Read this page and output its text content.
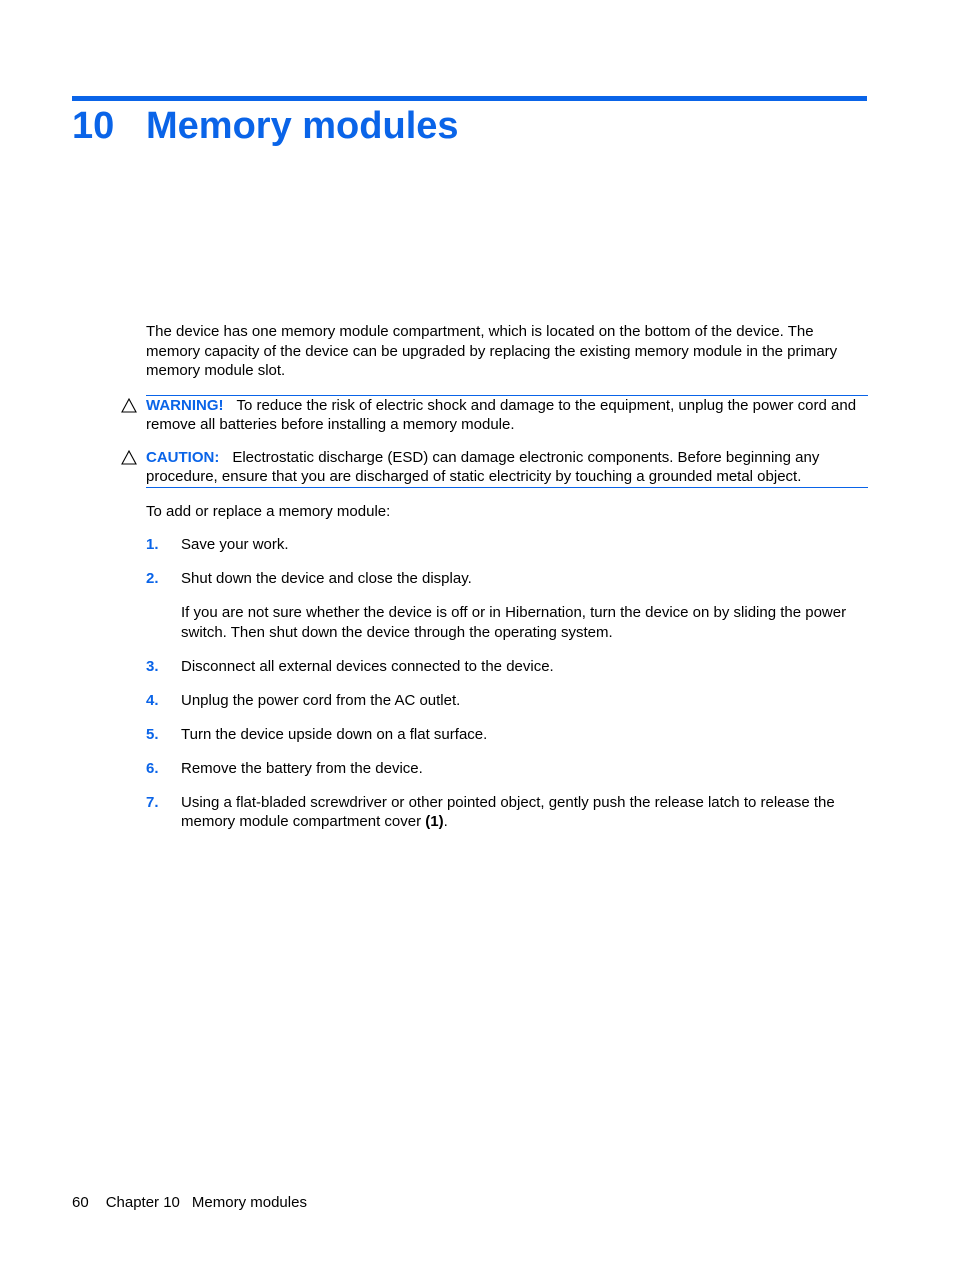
10 Memory modules

The device has one memory module compartment, which is located on the bottom of the device. The memory capacity of the device can be upgraded by replacing the existing memory module in the primary memory module slot.

WARNING! To reduce the risk of electric shock and damage to the equipment, unplug the power cord and remove all batteries before installing a memory module.
CAUTION: Electrostatic discharge (ESD) can damage electronic components. Before beginning any procedure, ensure that you are discharged of static electricity by touching a grounded metal object.

To add or replace a memory module:

1. Save your work.
2. Shut down the device and close the display.

If you are not sure whether the device is off or in Hibernation, turn the device on by sliding the power switch. Then shut down the device through the operating system.

3. Disconnect all external devices connected to the device.
4. Unplug the power cord from the AC outlet.
5. Turn the device upside down on a flat surface.
6. Remove the battery from the device.
7. Using a flat-bladed screwdriver or other pointed object, gently push the release latch to release the memory module compartment cover (1).
60 Chapter 10 Memory modules
